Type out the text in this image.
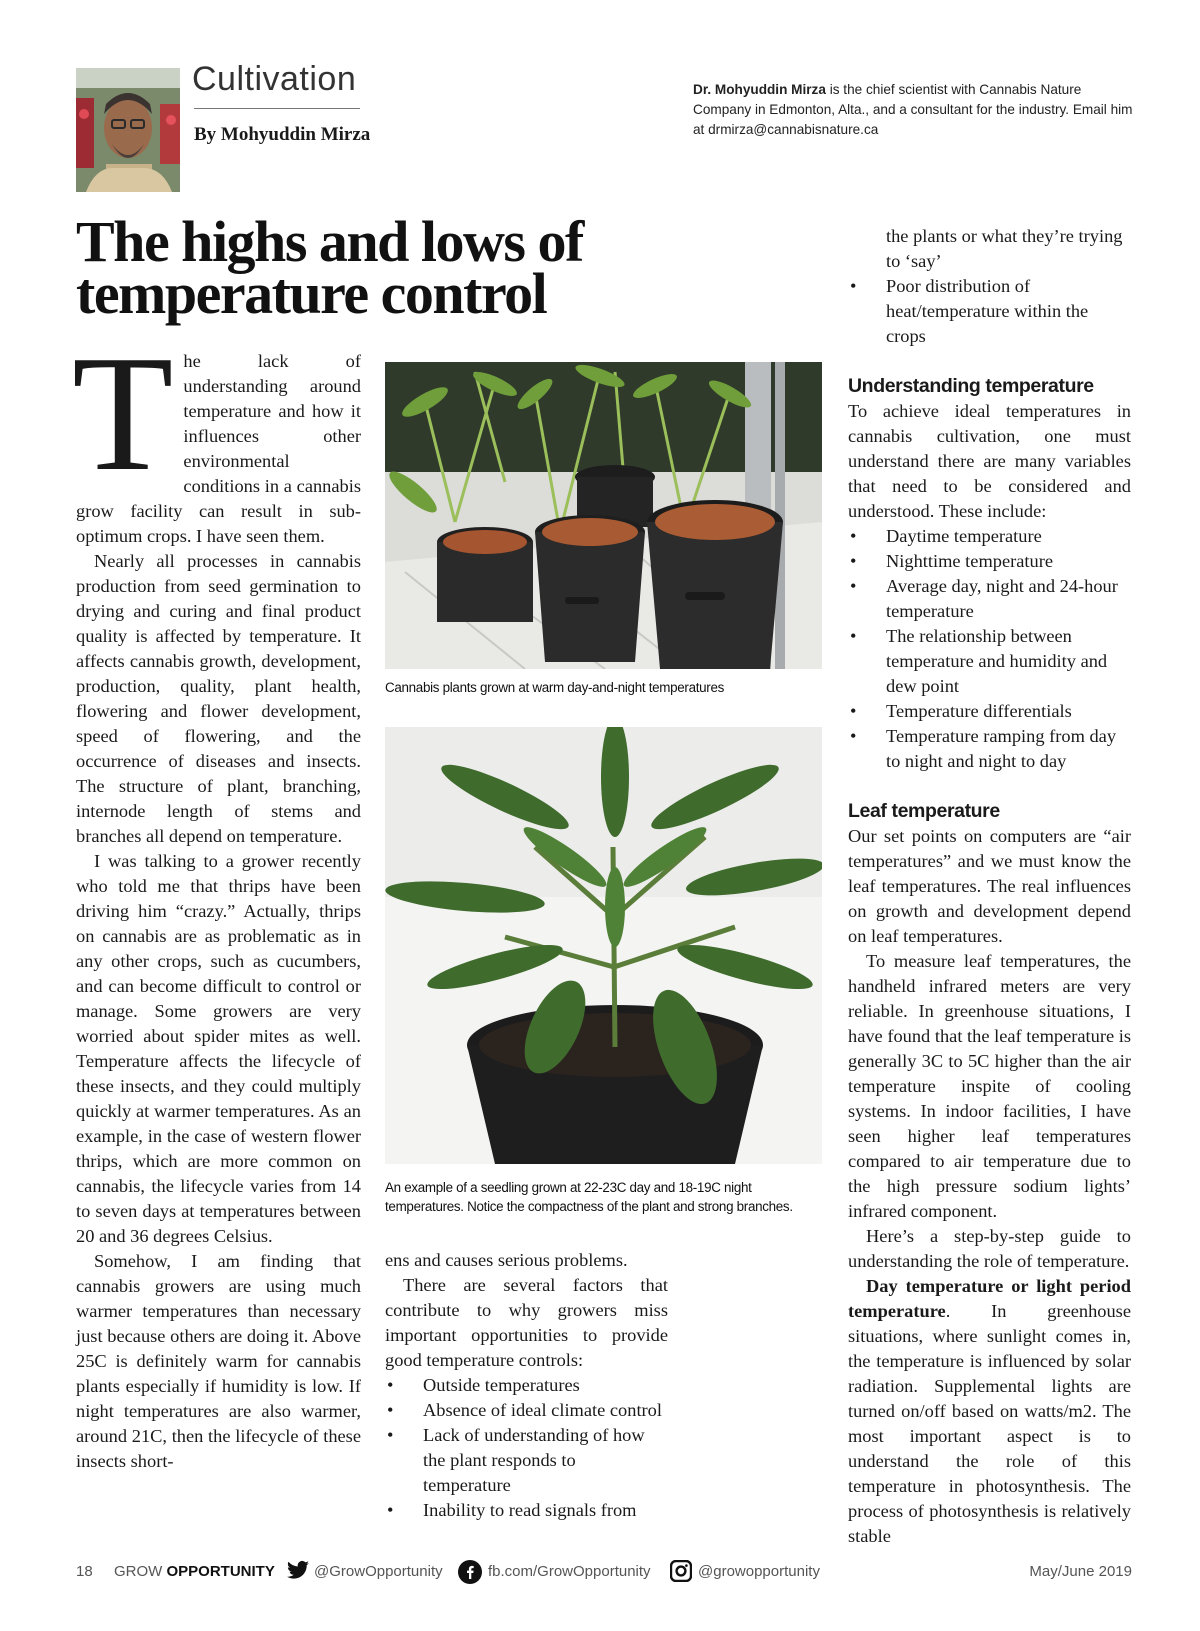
Cultivation
By Mohyuddin Mirza
Dr. Mohyuddin Mirza is the chief scientist with Cannabis Nature Company in Edmonton, Alta., and a consultant for the industry. Email him at drmirza@cannabisnature.ca
The highs and lows of temperature control

The lack of understanding around temperature and how it influences other environmental conditions in a cannabis grow facility can result in sub-optimum crops. I have seen them.

Nearly all processes in cannabis production from seed germination to drying and curing and final product quality is affected by temperature. It affects cannabis growth, development, production, quality, plant health, flowering and flower development, speed of flowering, and the occurrence of diseases and insects. The structure of plant, branching, internode length of stems and branches all depend on temperature.

I was talking to a grower recently who told me that thrips have been driving him “crazy.” Actually, thrips on cannabis are as problematic as in any other crops, such as cucumbers, and can become difficult to control or manage. Some growers are very worried about spider mites as well. Temperature affects the lifecycle of these insects, and they could multiply quickly at warmer temperatures. As an example, in the case of western flower thrips, which are more common on cannabis, the lifecycle varies from 14 to seven days at temperatures between 20 and 36 degrees Celsius.

Somehow, I am finding that cannabis growers are using much warmer temperatures than necessary just because others are doing it. Above 25C is definitely warm for cannabis plants especially if humidity is low. If night temperatures are also warmer, around 21C, then the lifecycle of these insects short-

Cannabis plants grown at warm day-and-night temperatures
An example of a seedling grown at 22-23C day and 18-19C night temperatures. Notice the compactness of the plant and strong branches.

ens and causes serious problems.

There are several factors that contribute to why growers miss important opportunities to provide good temperature controls:

• Outside temperatures
• Absence of ideal climate control
• Lack of understanding of how the plant responds to temperature
• Inability to read signals from
the plants or what they’re trying to ‘say’
• Poor distribution of heat/temperature within the crops
Understanding temperature

To achieve ideal temperatures in cannabis cultivation, one must understand there are many variables that need to be considered and understood. These include:

• Daytime temperature
• Nighttime temperature
• Average day, night and 24-hour temperature
• The relationship between temperature and humidity and dew point
• Temperature differentials
• Temperature ramping from day to night and night to day
Leaf temperature

Our set points on computers are “air temperatures” and we must know the leaf temperatures. The real influences on growth and development depend on leaf temperatures.

To measure leaf temperatures, the handheld infrared meters are very reliable. In greenhouse situations, I have found that the leaf temperature is generally 3C to 5C higher than the air temperature inspite of cooling systems. In indoor facilities, I have seen higher leaf temperatures compared to air temperature due to the high pressure sodium lights’ infrared component.

Here’s a step-by-step guide to understanding the role of temperature.

Day temperature or light period temperature. In greenhouse situations, where sunlight comes in, the temperature is influenced by solar radiation. Supplemental lights are turned on/off based on watts/m2. The most important aspect is to understand the role of this temperature in photosynthesis. The process of photosynthesis is relatively stable

18 GROW OPPORTUNITY	@GrowOpportunity	fb.com/GrowOpportunity	@growopportunity	May/June 2019
